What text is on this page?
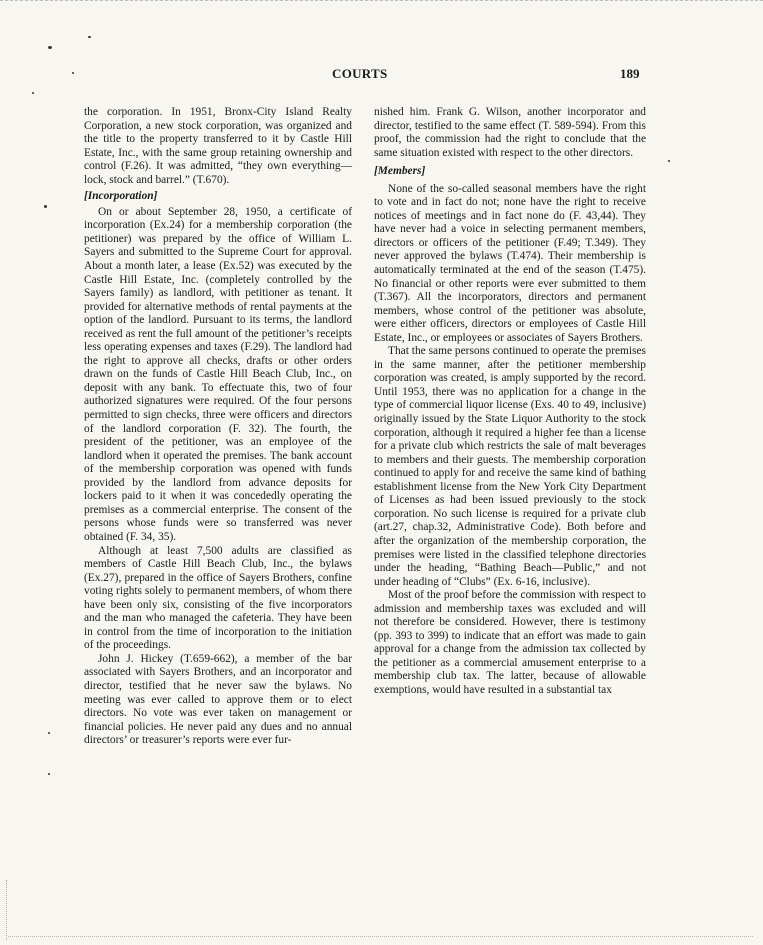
COURTS	189

the corporation. In 1951, Bronx-City Island Realty Corporation, a new stock corporation, was organized and the title to the property transferred to it by Castle Hill Estate, Inc., with the same group retaining ownership and control (F.26). It was admitted, “they own everything—lock, stock and barrel.” (T.670).

[Incorporation]

On or about September 28, 1950, a certificate of incorporation (Ex.24) for a membership corporation (the petitioner) was prepared by the office of William L. Sayers and submitted to the Supreme Court for approval. About a month later, a lease (Ex.52) was executed by the Castle Hill Estate, Inc. (completely controlled by the Sayers family) as landlord, with petitioner as tenant. It provided for alternative methods of rental payments at the option of the landlord. Pursuant to its terms, the landlord received as rent the full amount of the petitioner’s receipts less operating expenses and taxes (F.29). The landlord had the right to approve all checks, drafts or other orders drawn on the funds of Castle Hill Beach Club, Inc., on deposit with any bank. To effectuate this, two of four authorized signatures were required. Of the four persons permitted to sign checks, three were officers and directors of the landlord corporation (F. 32). The fourth, the president of the petitioner, was an employee of the landlord when it operated the premises. The bank account of the membership corporation was opened with funds provided by the landlord from advance deposits for lockers paid to it when it was concededly operating the premises as a commercial enterprise. The consent of the persons whose funds were so transferred was never obtained (F. 34, 35).

Although at least 7,500 adults are classified as members of Castle Hill Beach Club, Inc., the bylaws (Ex.27), prepared in the office of Sayers Brothers, confine voting rights solely to permanent members, of whom there have been only six, consisting of the five incorporators and the man who managed the cafeteria. They have been in control from the time of incorporation to the initiation of the proceedings.

John J. Hickey (T.659-662), a member of the bar associated with Sayers Brothers, and an incorporator and director, testified that he never saw the bylaws. No meeting was ever called to approve them or to elect directors. No vote was ever taken on management or financial policies. He never paid any dues and no annual directors’ or treasurer’s reports were ever fur-

nished him. Frank G. Wilson, another incorporator and director, testified to the same effect (T. 589-594). From this proof, the commission had the right to conclude that the same situation existed with respect to the other directors.

[Members]

None of the so-called seasonal members have the right to vote and in fact do not; none have the right to receive notices of meetings and in fact none do (F. 43,44). They have never had a voice in selecting permanent members, directors or officers of the petitioner (F.49; T.349). They never approved the bylaws (T.474). Their membership is automatically terminated at the end of the season (T.475). No financial or other reports were ever submitted to them (T.367). All the incorporators, directors and permanent members, whose control of the petitioner was absolute, were either officers, directors or employees of Castle Hill Estate, Inc., or employees or associates of Sayers Brothers.

That the same persons continued to operate the premises in the same manner, after the petitioner membership corporation was created, is amply supported by the record. Until 1953, there was no application for a change in the type of commercial liquor license (Exs. 40 to 49, inclusive) originally issued by the State Liquor Authority to the stock corporation, although it required a higher fee than a license for a private club which restricts the sale of malt beverages to members and their guests. The membership corporation continued to apply for and receive the same kind of bathing establishment license from the New York City Department of Licenses as had been issued previously to the stock corporation. No such license is required for a private club (art.27, chap.32, Administrative Code). Both before and after the organization of the membership corporation, the premises were listed in the classified telephone directories under the heading, “Bathing Beach—Public,” and not under heading of “Clubs” (Ex. 6-16, inclusive).

Most of the proof before the commission with respect to admission and membership taxes was excluded and will not therefore be considered. However, there is testimony (pp. 393 to 399) to indicate that an effort was made to gain approval for a change from the admission tax collected by the petitioner as a commercial amusement enterprise to a membership club tax. The latter, because of allowable exemptions, would have resulted in a substantial tax
